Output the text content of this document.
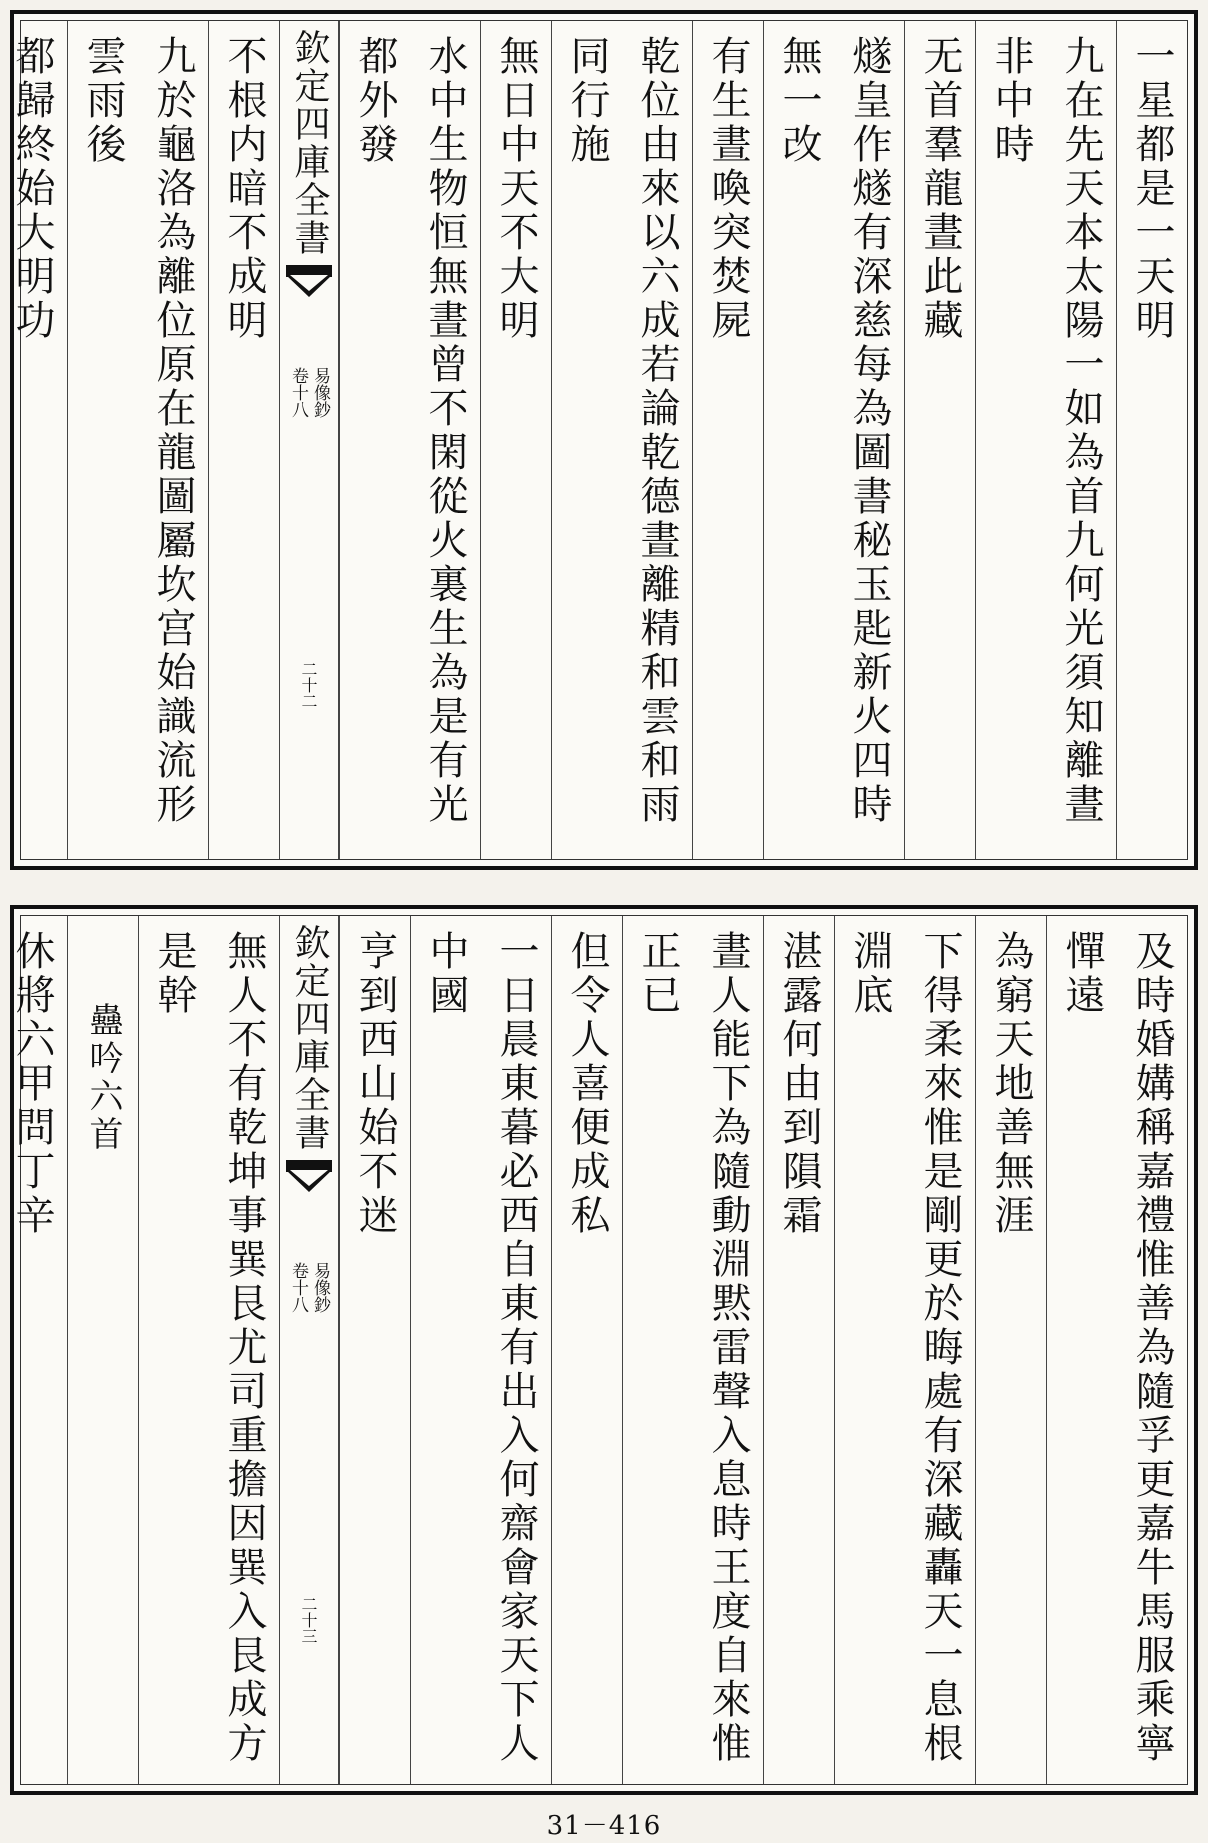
一星都是一天明
九在先天本太陽一如為首九何光須知離晝非中時
无首羣龍晝此藏
燧皇作燧有深慈每為圖書秘玉匙新火四時無一改
有生晝喚突焚屍
乾位由來以六成若論乾德晝離精和雲和雨同行施
無日中天不大明
水中生物恒無晝曾不閑從火裏生為是有光都外發
欽定四庫全書
易像鈔
卷十八
二十二
不根内暗不成明
九於龜洛為離位原在龍圖屬坎宫始識流形雲雨後
都歸終始大明功
及時婚媾稱嘉禮惟善為隨孚更嘉牛馬服乘寧憚遠
為窮天地善無涯
下得柔來惟是剛更於晦處有深藏轟天一息根淵底
湛露何由到隕霜
晝人能下為隨動淵黙雷聲入息時王度自來惟正已
但令人喜便成私
一日晨東暮必西自東有出入何齋會家天下人中國
亨到西山始不迷
欽定四庫全書
易像鈔
卷十八
二十三
無人不有乾坤事巽艮尤司重擔因巽入艮成方是幹
蠱吟六首
休將六甲問丁辛
31－416
